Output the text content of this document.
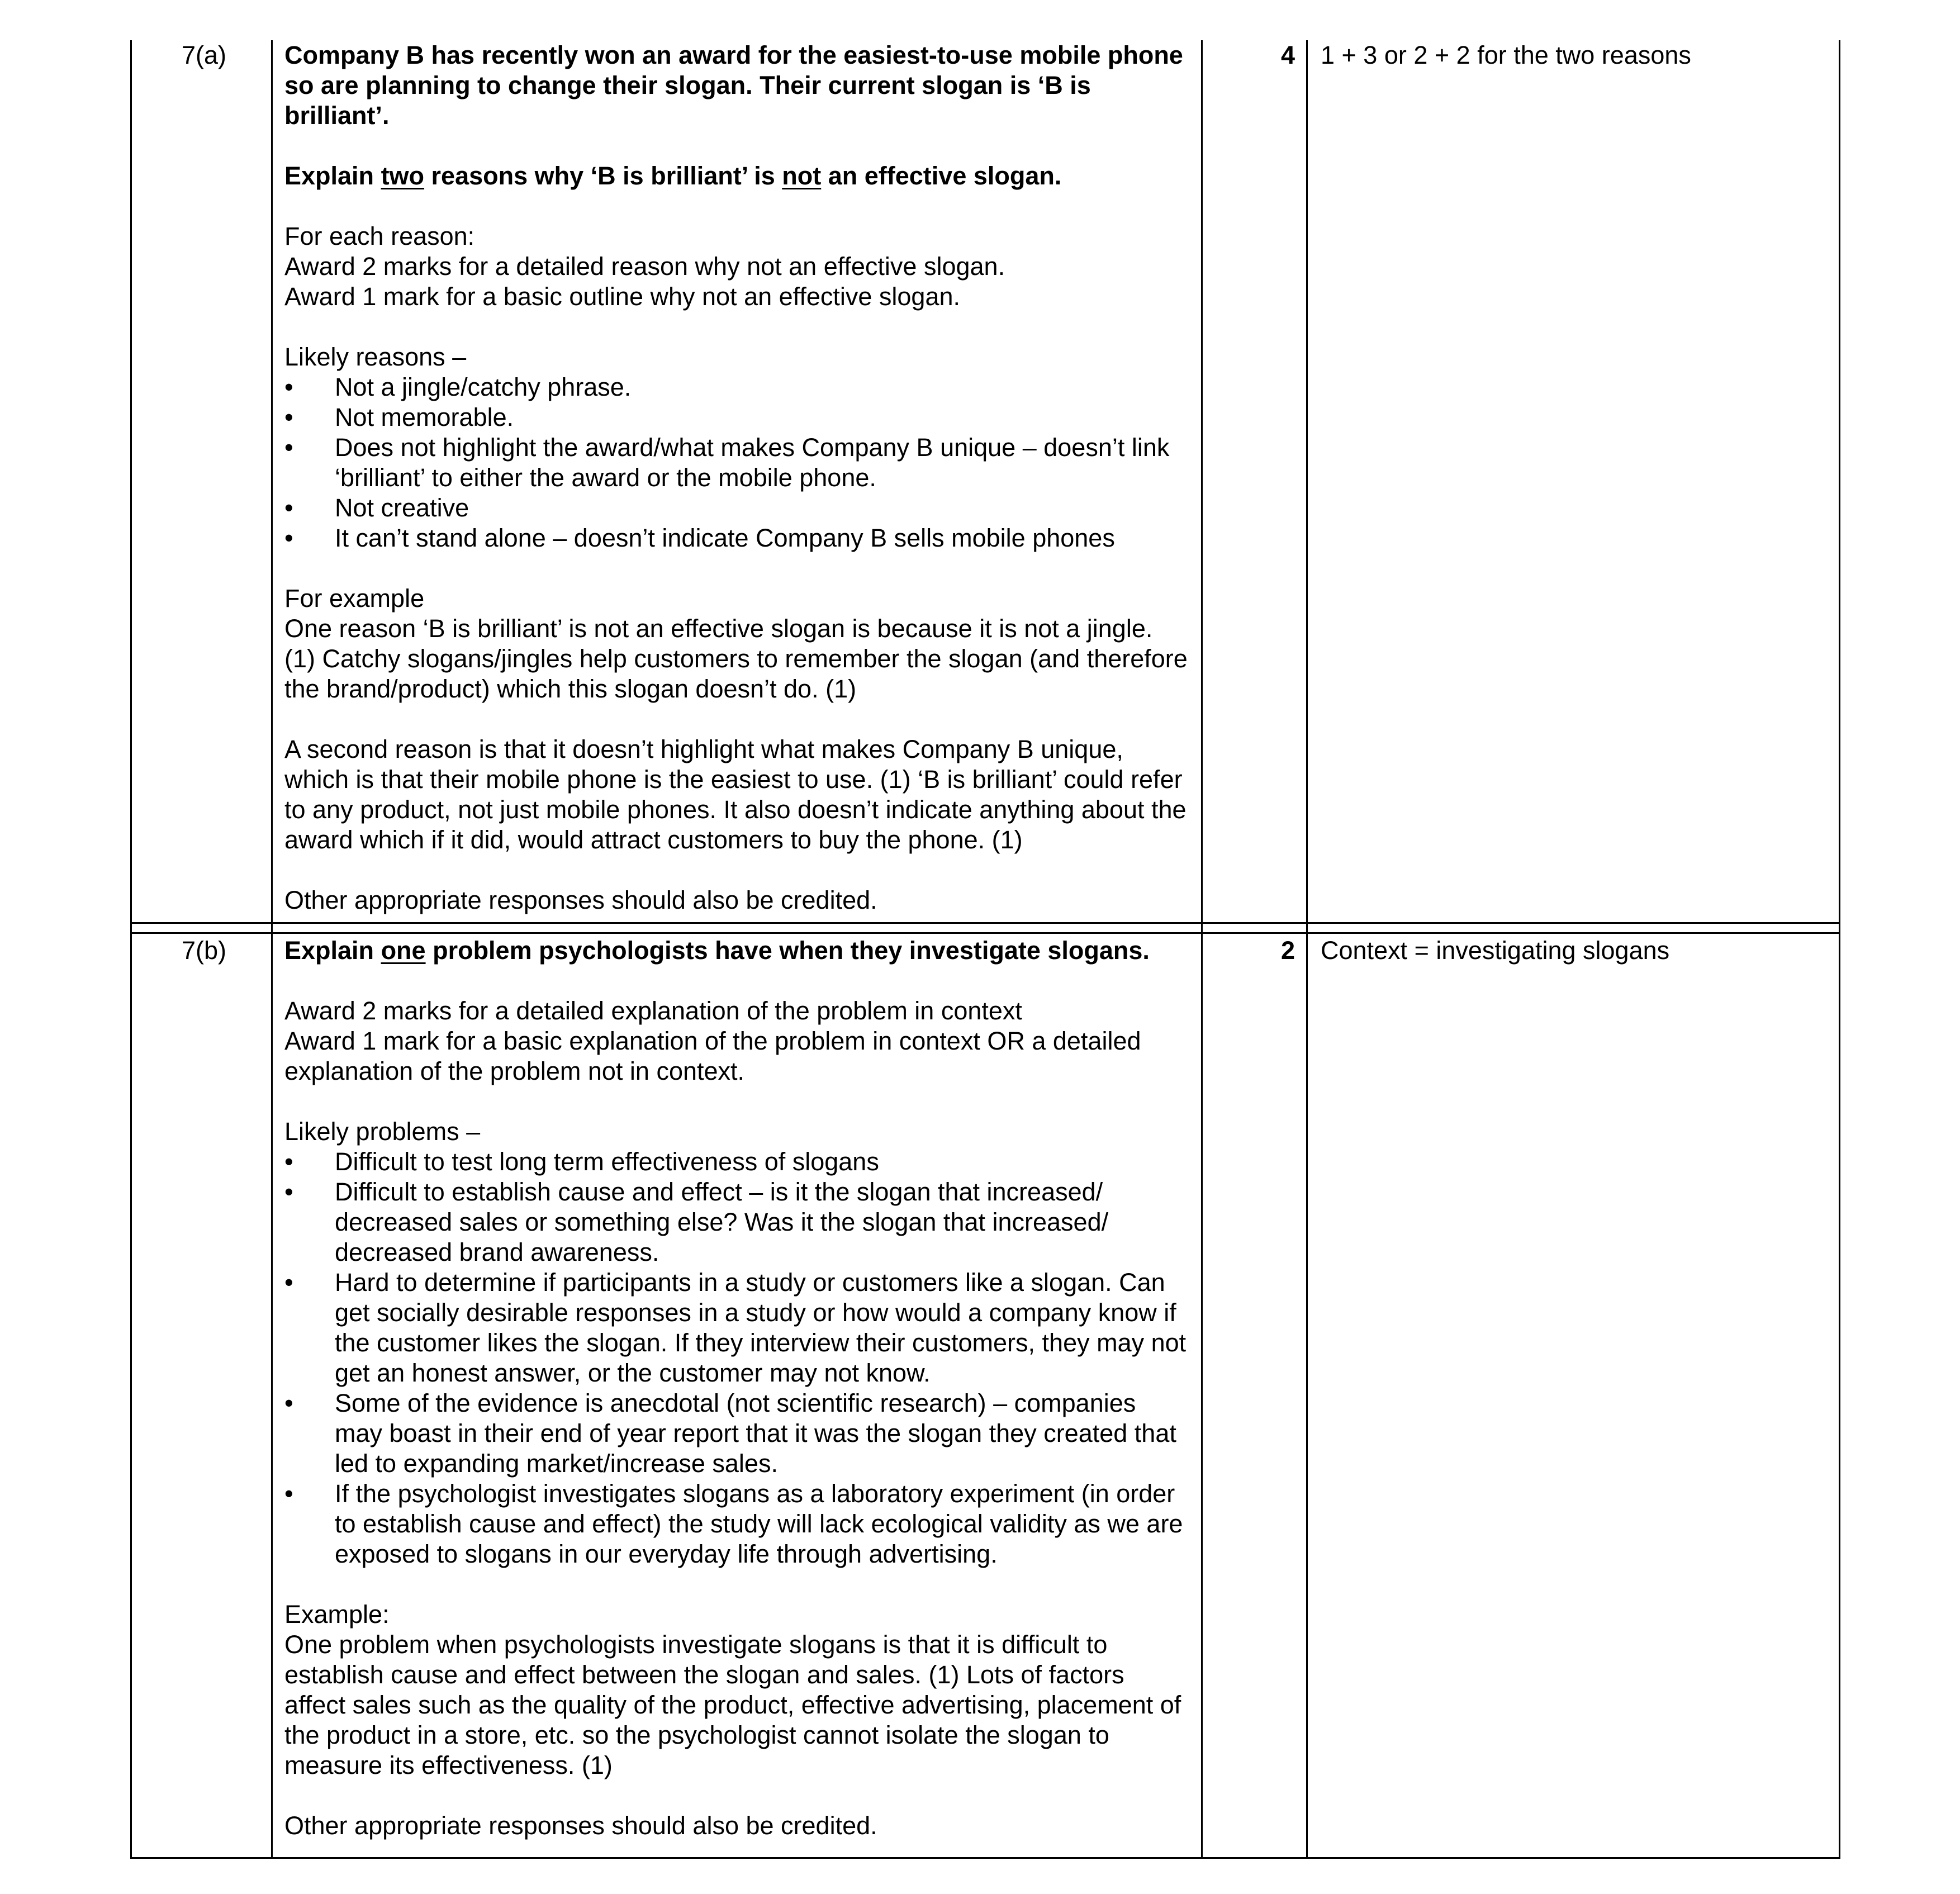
7(a) Company B has recently won an award for the easiest-to-use mobile phone so are planning to change their slogan. Their current slogan is ‘B is brilliant’.

Explain two reasons why ‘B is brilliant’ is not an effective slogan.

For each reason:

Award 2 marks for a detailed reason why not an effective slogan.

Award 1 mark for a basic outline why not an effective slogan.

Likely reasons –

• Not a jingle/catchy phrase.
• Not memorable.
• Does not highlight the award/what makes Company B unique – doesn’t link ‘brilliant’ to either the award or the mobile phone.
• Not creative
• It can’t stand alone – doesn’t indicate Company B sells mobile phones

For example

One reason ‘B is brilliant’ is not an effective slogan is because it is not a jingle. (1) Catchy slogans/jingles help customers to remember the slogan (and therefore the brand/product) which this slogan doesn’t do. (1)

A second reason is that it doesn’t highlight what makes Company B unique, which is that their mobile phone is the easiest to use. (1) ‘B is brilliant’ could refer to any product, not just mobile phones. It also doesn’t indicate anything about the award which if it did, would attract customers to buy the phone. (1)

Other appropriate responses should also be credited.

4 1 + 3 or 2 + 2 for the two reasons
7(b) Explain one problem psychologists have when they investigate slogans.

Award 2 marks for a detailed explanation of the problem in context

Award 1 mark for a basic explanation of the problem in context OR a detailed explanation of the problem not in context.

Likely problems –

• Difficult to test long term effectiveness of slogans
• Difficult to establish cause and effect – is it the slogan that increased/ decreased sales or something else? Was it the slogan that increased/ decreased brand awareness.
• Hard to determine if participants in a study or customers like a slogan. Can get socially desirable responses in a study or how would a company know if the customer likes the slogan. If they interview their customers, they may not get an honest answer, or the customer may not know.
• Some of the evidence is anecdotal (not scientific research) – companies may boast in their end of year report that it was the slogan they created that led to expanding market/increase sales.
• If the psychologist investigates slogans as a laboratory experiment (in order to establish cause and effect) the study will lack ecological validity as we are exposed to slogans in our everyday life through advertising.

Example:

One problem when psychologists investigate slogans is that it is difficult to establish cause and effect between the slogan and sales. (1) Lots of factors affect sales such as the quality of the product, effective advertising, placement of the product in a store, etc. so the psychologist cannot isolate the slogan to measure its effectiveness. (1)

Other appropriate responses should also be credited.

2 Context = investigating slogans
